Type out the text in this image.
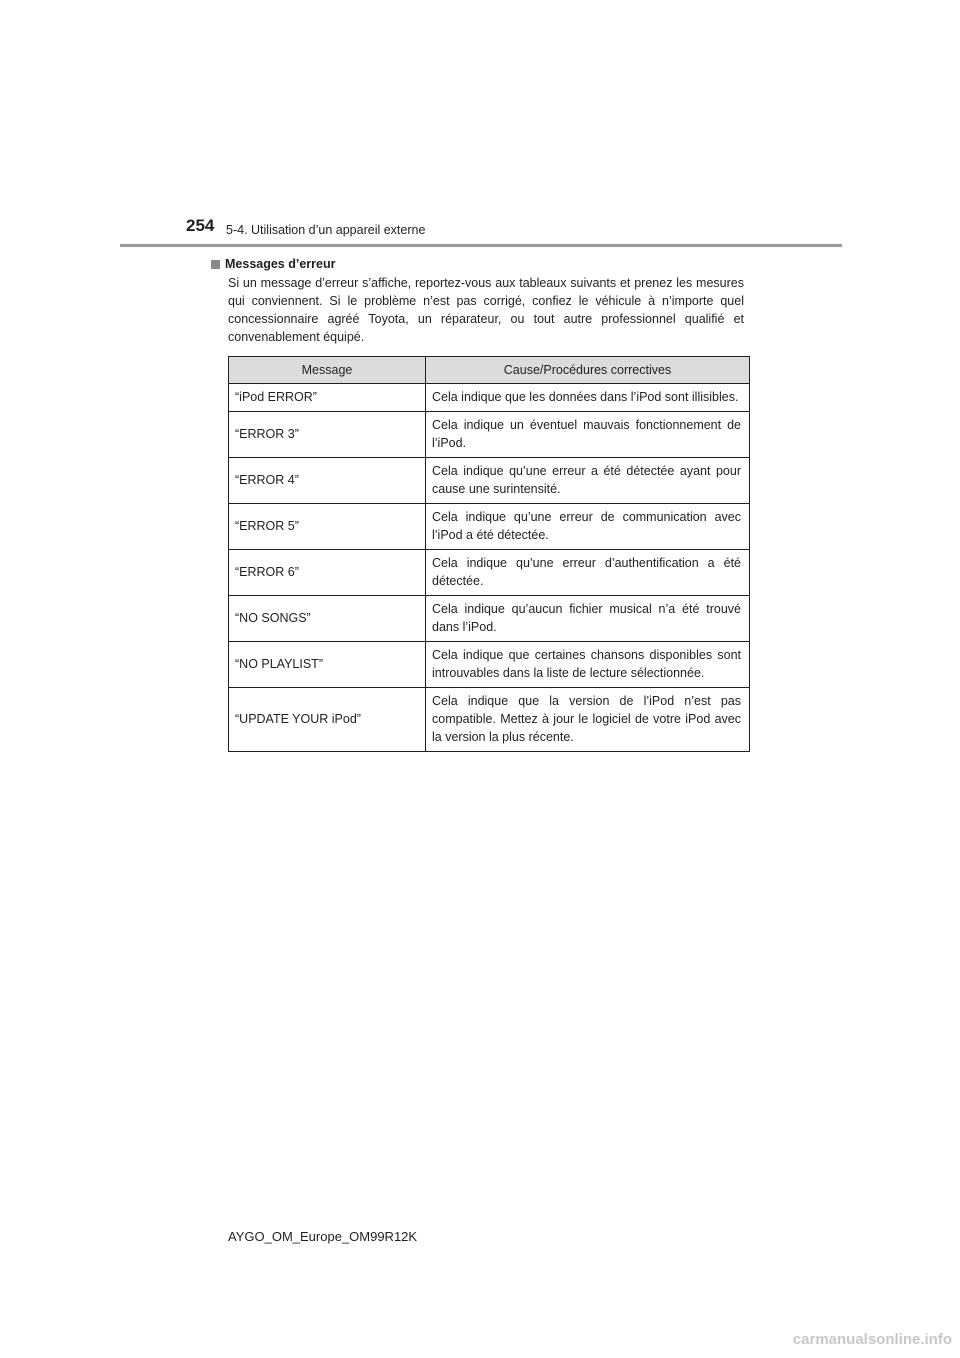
254 5-4. Utilisation d’un appareil externe
Messages d’erreur

Si un message d’erreur s’affiche, reportez-vous aux tableaux suivants et prenez les mesures qui conviennent. Si le problème n’est pas corrigé, confiez le véhicule à n’importe quel concessionnaire agréé Toyota, un réparateur, ou tout autre professionnel qualifié et convenablement équipé.

Message	Cause/Procédures correctives
“iPod ERROR”	Cela indique que les données dans l’iPod sont illisibles.
“ERROR 3”	Cela indique un éventuel mauvais fonctionnement de l’iPod.
“ERROR 4”	Cela indique qu’une erreur a été détectée ayant pour cause une surintensité.
“ERROR 5”	Cela indique qu’une erreur de communication avec l’iPod a été détectée.
“ERROR 6”	Cela indique qu’une erreur d’authentification a été détectée.
“NO SONGS”	Cela indique qu’aucun fichier musical n’a été trouvé dans l’iPod.
“NO PLAYLIST”	Cela indique que certaines chansons disponibles sont introuvables dans la liste de lecture sélectionnée.
“UPDATE YOUR iPod”	Cela indique que la version de l’iPod n’est pas compatible. Mettez à jour le logiciel de votre iPod avec la version la plus récente.
AYGO_OM_Europe_OM99R12K
carmanualsonline.info
